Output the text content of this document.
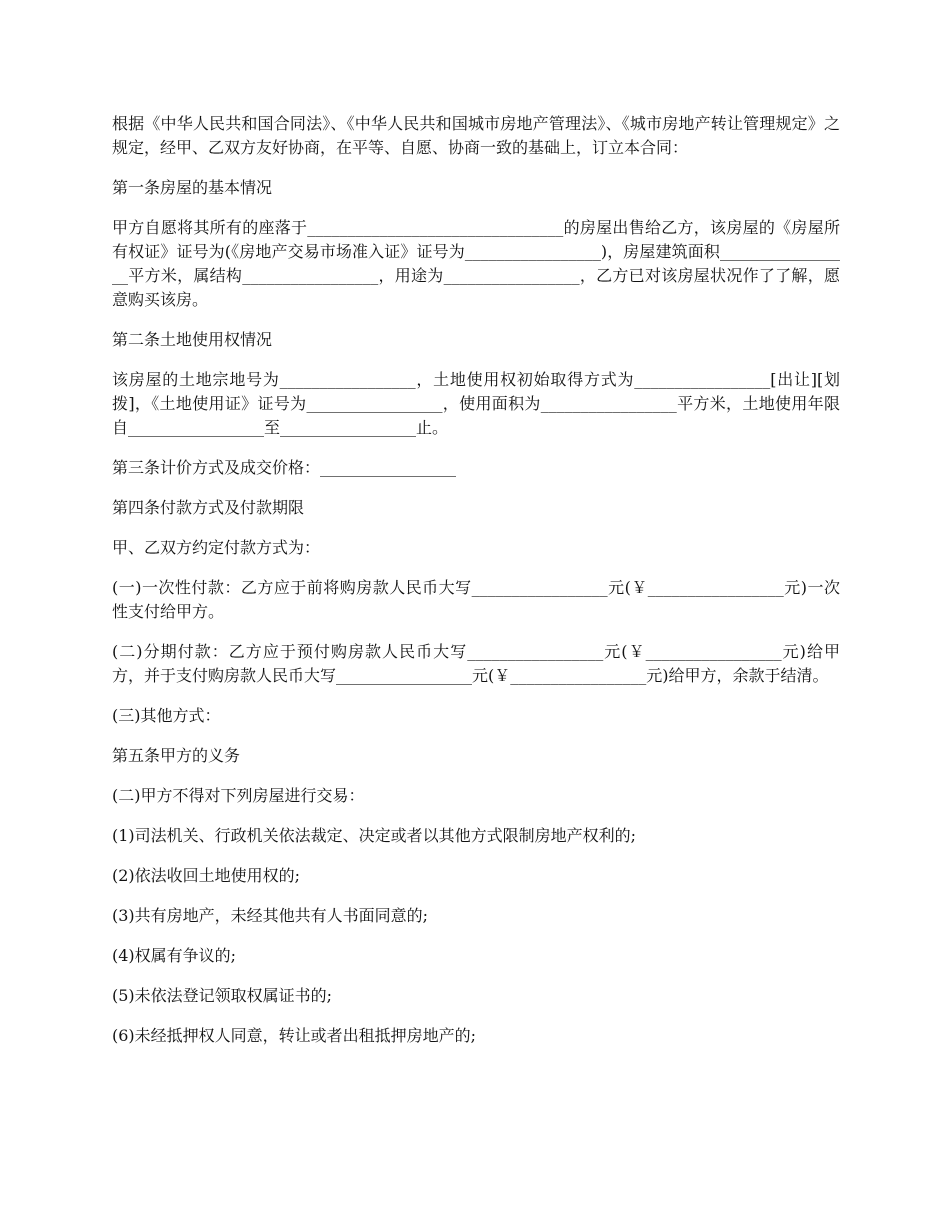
根据《中华人民共和国合同法》、《中华人民共和国城市房地产管理法》、《城市房地产转让管理规定》之规定，经甲、乙双方友好协商，在平等、自愿、协商一致的基础上，订立本合同：

第一条房屋的基本情况

甲方自愿将其所有的座落于________________________________的房屋出售给乙方，该房屋的《房屋所有权证》证号为(《房地产交易市场准入证》证号为_________________)，房屋建筑面积_________________平方米，属结构_________________，用途为_________________，乙方已对该房屋状况作了了解，愿意购买该房。

第二条土地使用权情况

该房屋的土地宗地号为_________________，土地使用权初始取得方式为_________________[出让][划拨]，《土地使用证》证号为_________________，使用面积为_________________平方米，土地使用年限自_________________至_________________止。

第三条计价方式及成交价格：_________________

第四条付款方式及付款期限

甲、乙双方约定付款方式为：

(一)一次性付款：乙方应于前将购房款人民币大写_________________元(￥_________________元)一次性支付给甲方。

(二)分期付款：乙方应于预付购房款人民币大写_________________元(￥_________________元)给甲方，并于支付购房款人民币大写_________________元(￥_________________元)给甲方，余款于结清。

(三)其他方式：

第五条甲方的义务

(二)甲方不得对下列房屋进行交易：

(1)司法机关、行政机关依法裁定、决定或者以其他方式限制房地产权利的;

(2)依法收回土地使用权的;

(3)共有房地产，未经其他共有人书面同意的;

(4)权属有争议的;

(5)未依法登记领取权属证书的;

(6)未经抵押权人同意，转让或者出租抵押房地产的;
